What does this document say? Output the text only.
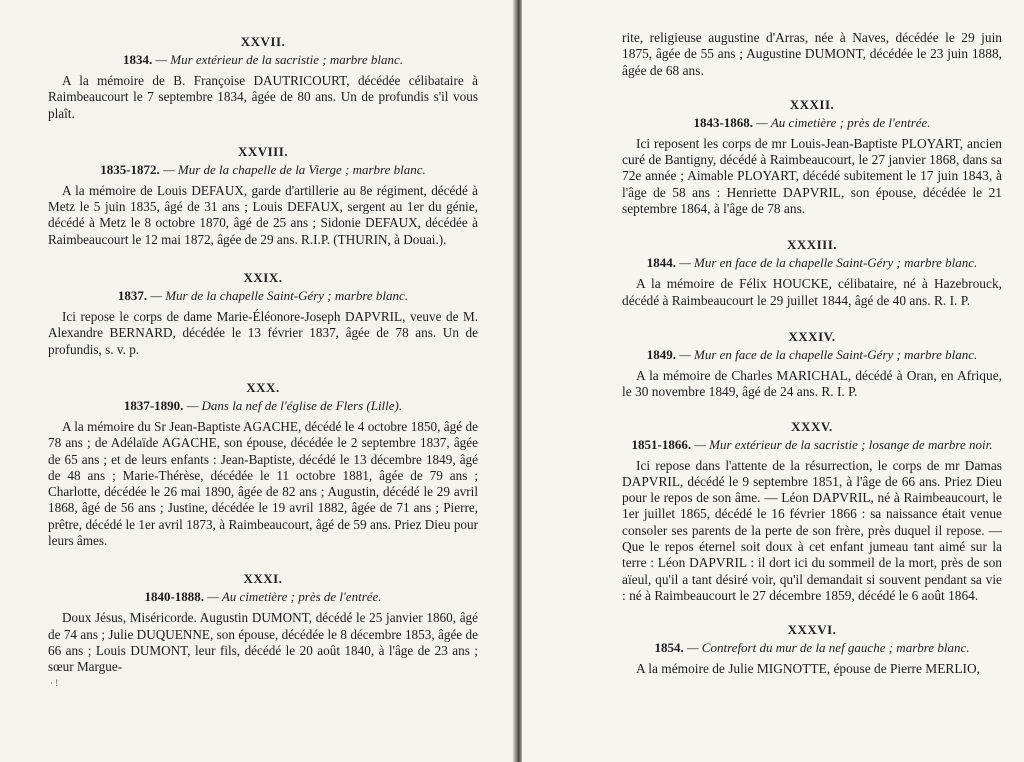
XXVII.

1834. — Mur extérieur de la sacristie ; marbre blanc.

A la mémoire de B. Françoise DAUTRICOURT, décédée célibataire à Raimbeaucourt le 7 septembre 1834, âgée de 80 ans. Un de profundis s'il vous plaît.

XXVIII.

1835-1872. — Mur de la chapelle de la Vierge ; marbre blanc.

A la mémoire de Louis DEFAUX, garde d'artillerie au 8e régiment, décédé à Metz le 5 juin 1835, âgé de 31 ans ; Louis DEFAUX, sergent au 1er du génie, décédé à Metz le 8 octobre 1870, âgé de 25 ans ; Sidonie DEFAUX, décédée à Raimbeaucourt le 12 mai 1872, âgée de 29 ans. R.I.P. (THURIN, à Douai.).

XXIX.

1837. — Mur de la chapelle Saint-Géry ; marbre blanc.

Ici repose le corps de dame Marie-Éléonore-Joseph DAPVRIL, veuve de M. Alexandre BERNARD, décédée le 13 février 1837, âgée de 78 ans. Un de profundis, s. v. p.

XXX.

1837-1890. — Dans la nef de l'église de Flers (Lille).

A la mémoire du Sr Jean-Baptiste AGACHE, décédé le 4 octobre 1850, âgé de 78 ans ; de Adélaïde AGACHE, son épouse, décédée le 2 septembre 1837, âgée de 65 ans ; et de leurs enfants : Jean-Baptiste, décédé le 13 décembre 1849, âgé de 48 ans ; Marie-Thérèse, décédée le 11 octobre 1881, âgée de 79 ans ; Charlotte, décédée le 26 mai 1890, âgée de 82 ans ; Augustin, décédé le 29 avril 1868, âgé de 56 ans ; Justine, décédée le 19 avril 1882, âgée de 71 ans ; Pierre, prêtre, décédé le 1er avril 1873, à Raimbeaucourt, âgé de 59 ans. Priez Dieu pour leurs âmes.

XXXI.

1840-1888. — Au cimetière ; près de l'entrée.

Doux Jésus, Miséricorde. Augustin DUMONT, décédé le 25 janvier 1860, âgé de 74 ans ; Julie DUQUENNE, son épouse, décédée le 8 décembre 1853, âgée de 66 ans ; Louis DUMONT, leur fils, décédé le 20 août 1840, à l'âge de 23 ans ; sœur Margue-

· !

rite, religieuse augustine d'Arras, née à Naves, décédée le 29 juin 1875, âgée de 55 ans ; Augustine DUMONT, décédée le 23 juin 1888, âgée de 68 ans.

XXXII.

1843-1868. — Au cimetière ; près de l'entrée.

Ici reposent les corps de mr Louis-Jean-Baptiste PLOYART, ancien curé de Bantigny, décédé à Raimbeaucourt, le 27 janvier 1868, dans sa 72e année ; Aimable PLOYART, décédé subitement le 17 juin 1843, à l'âge de 58 ans : Henriette DAPVRIL, son épouse, décédée le 21 septembre 1864, à l'âge de 78 ans.

XXXIII.

1844. — Mur en face de la chapelle Saint-Géry ; marbre blanc.

A la mémoire de Félix HOUCKE, célibataire, né à Hazebrouck, décédé à Raimbeaucourt le 29 juillet 1844, âgé de 40 ans. R. I. P.

XXXIV.

1849. — Mur en face de la chapelle Saint-Géry ; marbre blanc.

A la mémoire de Charles MARICHAL, décédé à Oran, en Afrique, le 30 novembre 1849, âgé de 24 ans. R. I. P.

XXXV.

1851-1866. — Mur extérieur de la sacristie ; losange de marbre noir.

Ici repose dans l'attente de la résurrection, le corps de mr Damas DAPVRIL, décédé le 9 septembre 1851, à l'âge de 66 ans. Priez Dieu pour le repos de son âme. — Léon DAPVRIL, né à Raimbeaucourt, le 1er juillet 1865, décédé le 16 février 1866 : sa naissance était venue consoler ses parents de la perte de son frère, près duquel il repose. — Que le repos éternel soit doux à cet enfant jumeau tant aimé sur la terre : Léon DAPVRIL : il dort ici du sommeil de la mort, près de son aïeul, qu'il a tant désiré voir, qu'il demandait si souvent pendant sa vie : né à Raimbeaucourt le 27 décembre 1859, décédé le 6 août 1864.

XXXVI.

1854. — Contrefort du mur de la nef gauche ; marbre blanc.

A la mémoire de Julie MIGNOTTE, épouse de Pierre MERLIO,
